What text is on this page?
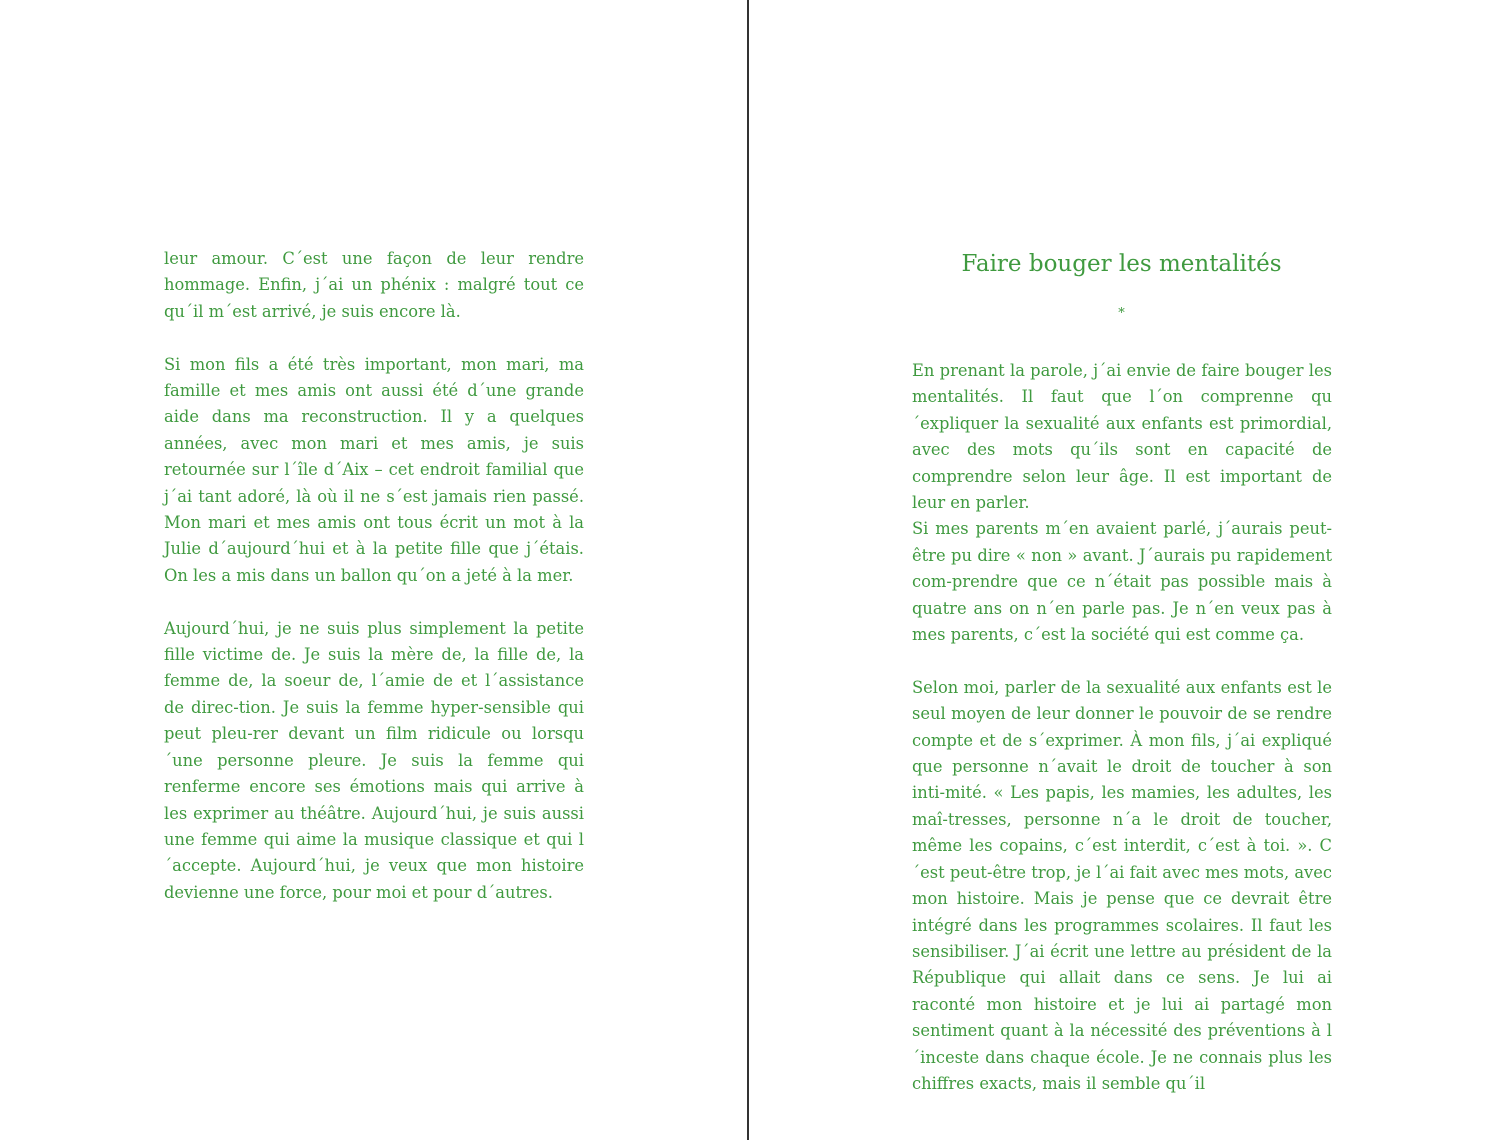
leur amour. C´est une façon de leur rendre hommage. Enfin, j´ai un phénix : malgré tout ce qu´il m´est arrivé, je suis encore là.

Si mon fils a été très important, mon mari, ma famille et mes amis ont aussi été d´une grande aide dans ma reconstruction. Il y a quelques années, avec mon mari et mes amis, je suis retournée sur l´île d´Aix – cet endroit familial que j´ai tant adoré, là où il ne s´est jamais rien passé. Mon mari et mes amis ont tous écrit un mot à la Julie d´aujourd´hui et à la petite fille que j´étais. On les a mis dans un ballon qu´on a jeté à la mer.

Aujourd´hui, je ne suis plus simplement la petite fille victime de. Je suis la mère de, la fille de, la femme de, la soeur de, l´amie de et l´assistance de direc-tion. Je suis la femme hyper-sensible qui peut pleu-rer devant un film ridicule ou lorsqu´une personne pleure. Je suis la femme qui renferme encore ses émotions mais qui arrive à les exprimer au théâtre. Aujourd´hui, je suis aussi une femme qui aime la musique classique et qui l´accepte. Aujourd´hui, je veux que mon histoire devienne une force, pour moi et pour d´autres.

Faire bouger les mentalités
*

En prenant la parole, j´ai envie de faire bouger les mentalités. Il faut que l´on comprenne qu´expliquer la sexualité aux enfants est primordial, avec des mots qu´ils sont en capacité de comprendre selon leur âge. Il est important de leur en parler.

Si mes parents m´en avaient parlé, j´aurais peut-être pu dire « non » avant. J´aurais pu rapidement com-prendre que ce n´était pas possible mais à quatre ans on n´en parle pas. Je n´en veux pas à mes parents, c´est la société qui est comme ça.

Selon moi, parler de la sexualité aux enfants est le seul moyen de leur donner le pouvoir de se rendre compte et de s´exprimer. À mon fils, j´ai expliqué que personne n´avait le droit de toucher à son inti-mité. « Les papis, les mamies, les adultes, les maî-tresses, personne n´a le droit de toucher, même les copains, c´est interdit, c´est à toi. ». C´est peut-être trop, je l´ai fait avec mes mots, avec mon histoire. Mais je pense que ce devrait être intégré dans les programmes scolaires. Il faut les sensibiliser. J´ai écrit une lettre au président de la République qui allait dans ce sens. Je lui ai raconté mon histoire et je lui ai partagé mon sentiment quant à la nécessité des préventions à l´inceste dans chaque école. Je ne connais plus les chiffres exacts, mais il semble qu´il
